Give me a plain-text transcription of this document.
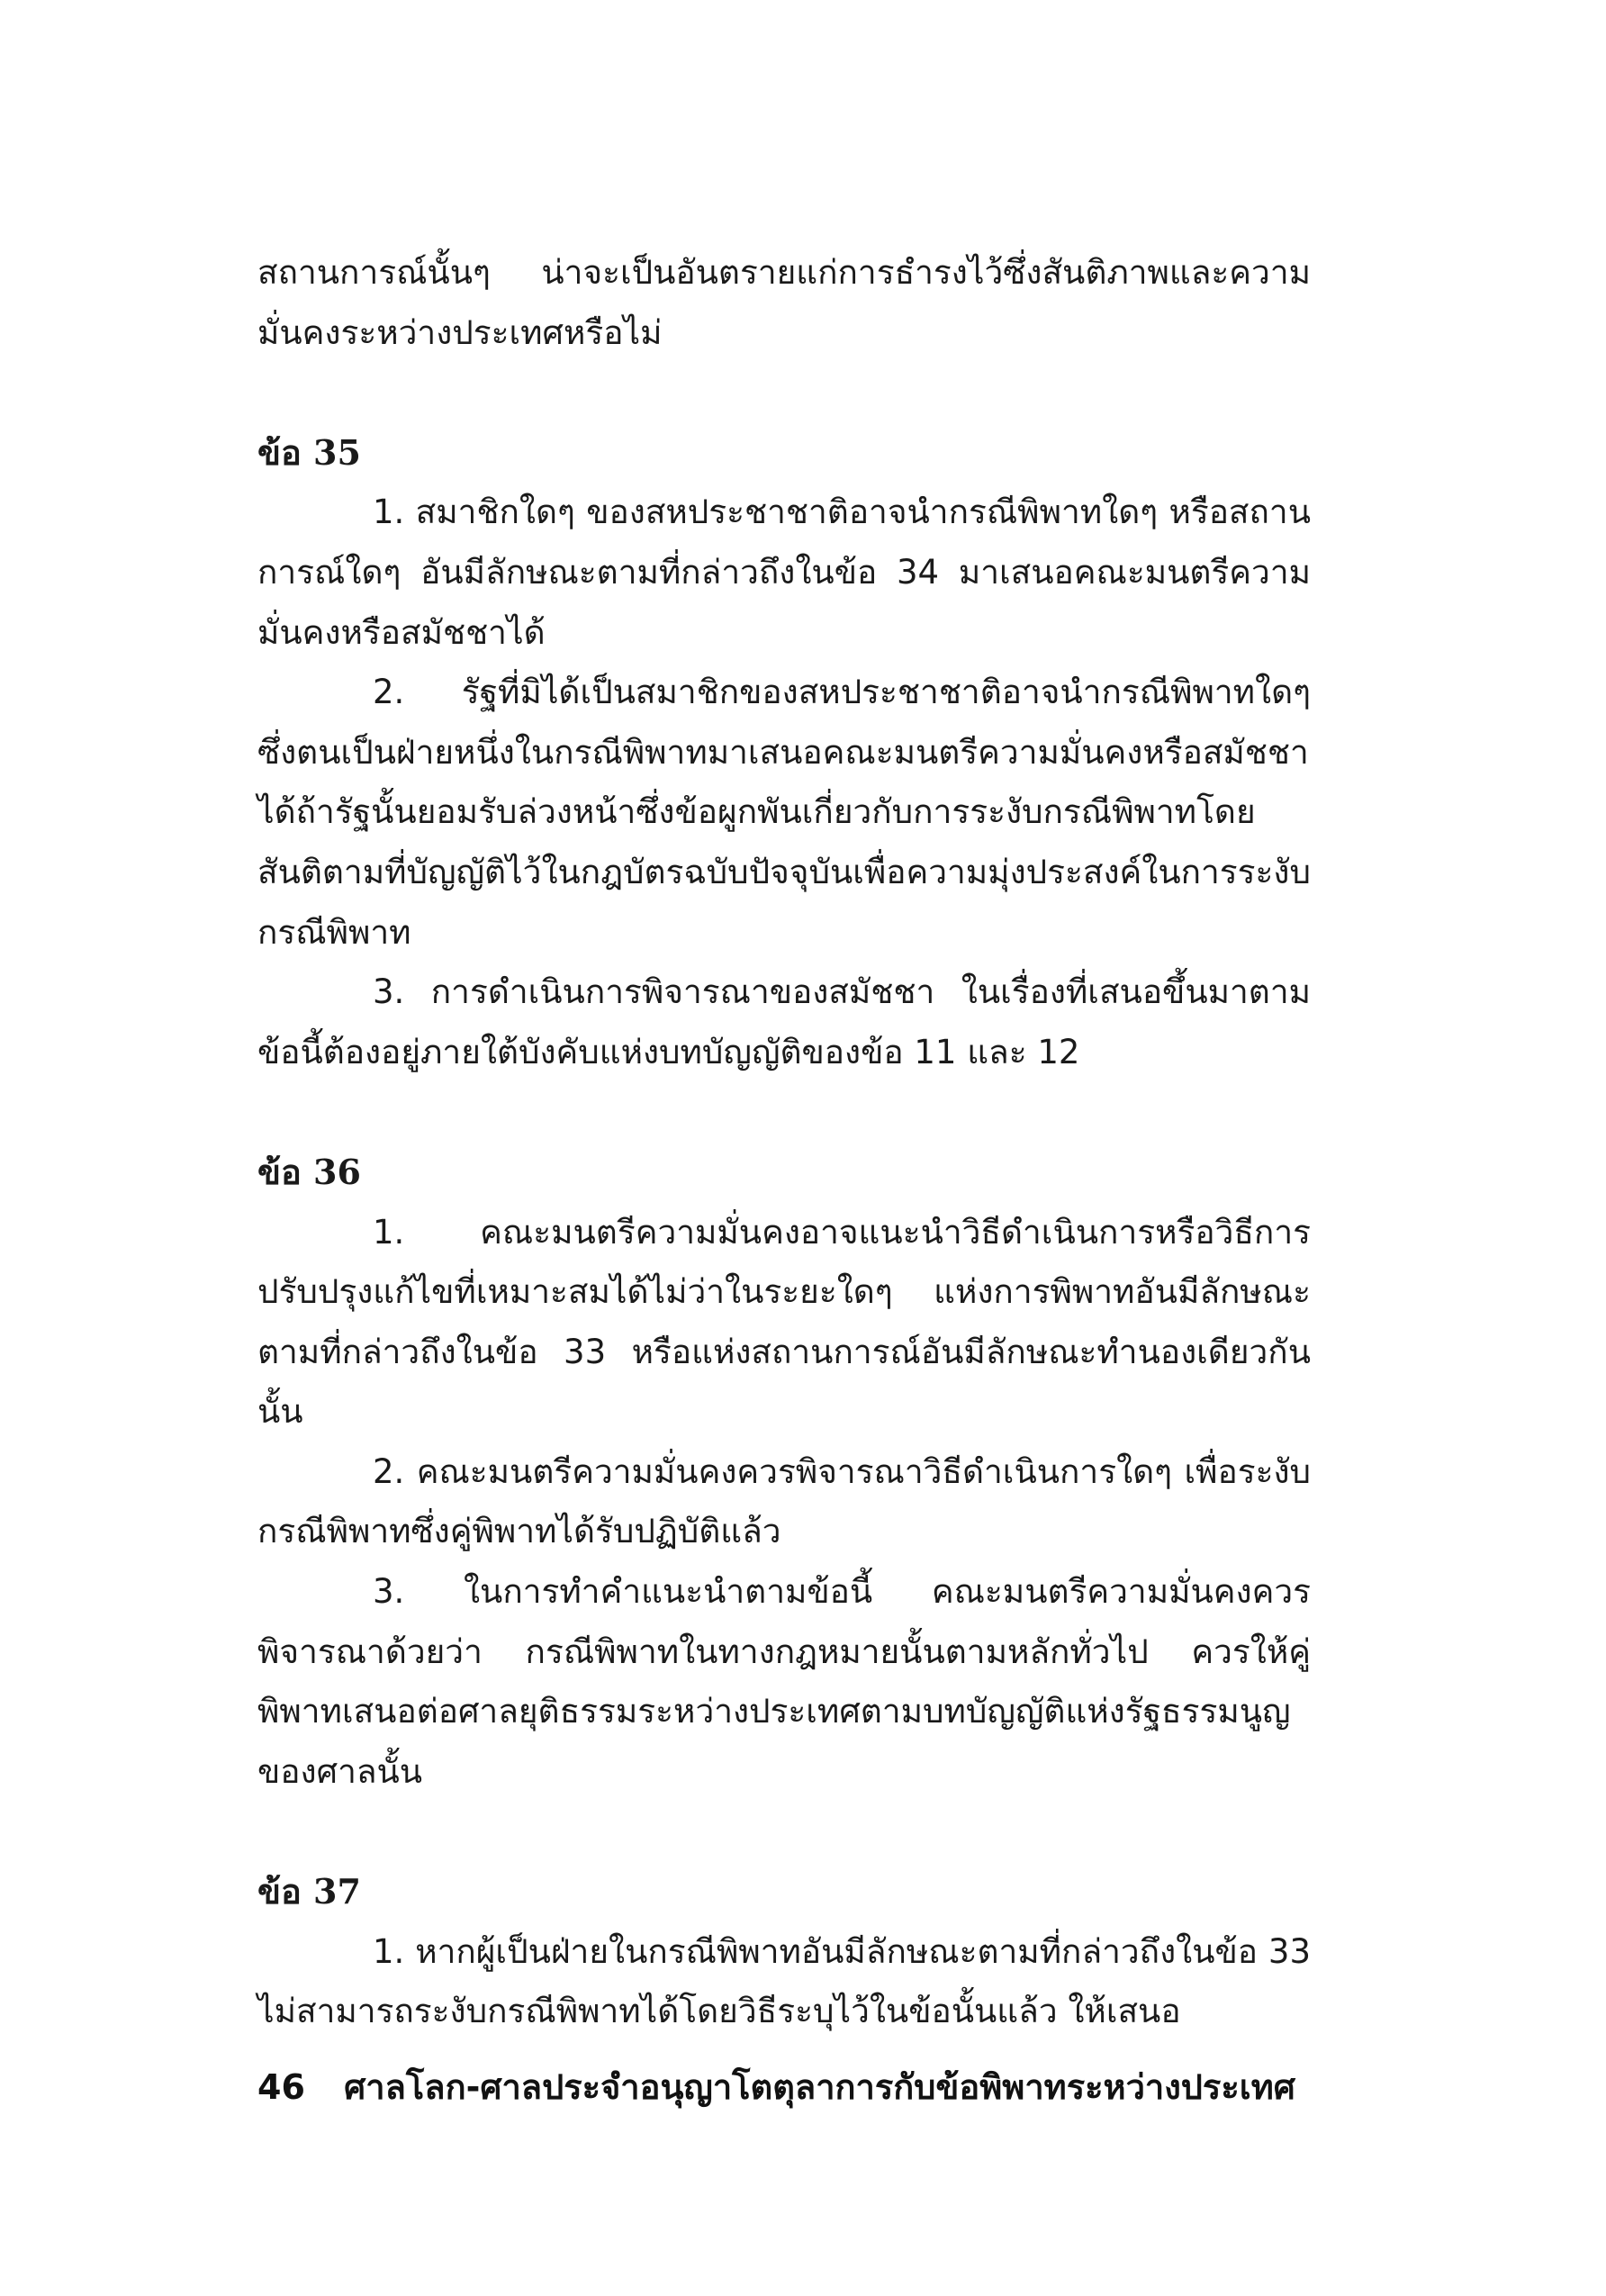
สถานการณ์นั้นๆ น่าจะเป็นอันตรายแก่การธำรงไว้ซึ่งสันติภาพและความมั่นคงระหว่างประเทศหรือไม่

ข้อ 35

1. สมาชิกใดๆ ของสหประชาชาติอาจนำกรณีพิพาทใดๆ หรือสถานการณ์ใดๆ อันมีลักษณะตามที่กล่าวถึงในข้อ 34 มาเสนอคณะมนตรีความมั่นคงหรือสมัชชาได้

2. รัฐที่มิได้เป็นสมาชิกของสหประชาชาติอาจนำกรณีพิพาทใดๆ ซึ่งตนเป็นฝ่ายหนึ่งในกรณีพิพาทมาเสนอคณะมนตรีความมั่นคงหรือสมัชชาได้ถ้ารัฐนั้นยอมรับล่วงหน้าซึ่งข้อผูกพันเกี่ยวกับการระงับกรณีพิพาทโดยสันติตามที่บัญญัติไว้ในกฎบัตรฉบับปัจจุบันเพื่อความมุ่งประสงค์ในการระงับกรณีพิพาท

3. การดำเนินการพิจารณาของสมัชชา ในเรื่องที่เสนอขึ้นมาตามข้อนี้ต้องอยู่ภายใต้บังคับแห่งบทบัญญัติของข้อ 11 และ 12

ข้อ 36

1. คณะมนตรีความมั่นคงอาจแนะนำวิธีดำเนินการหรือวิธีการปรับปรุงแก้ไขที่เหมาะสมได้ไม่ว่าในระยะใดๆ แห่งการพิพาทอันมีลักษณะตามที่กล่าวถึงในข้อ 33 หรือแห่งสถานการณ์อันมีลักษณะทำนองเดียวกันนั้น

2. คณะมนตรีความมั่นคงควรพิจารณาวิธีดำเนินการใดๆ เพื่อระงับกรณีพิพาทซึ่งคู่พิพาทได้รับปฏิบัติแล้ว

3. ในการทำคำแนะนำตามข้อนี้ คณะมนตรีความมั่นคงควรพิจารณาด้วยว่า กรณีพิพาทในทางกฎหมายนั้นตามหลักทั่วไป ควรให้คู่พิพาทเสนอต่อศาลยุติธรรมระหว่างประเทศตามบทบัญญัติแห่งรัฐธรรมนูญของศาลนั้น

ข้อ 37

1. หากผู้เป็นฝ่ายในกรณีพิพาทอันมีลักษณะตามที่กล่าวถึงในข้อ 33 ไม่สามารถระงับกรณีพิพาทได้โดยวิธีระบุไว้ในข้อนั้นแล้ว ให้เสนอ

46 ศาลโลก-ศาลประจำอนุญาโตตุลาการกับข้อพิพาทระหว่างประเทศ
